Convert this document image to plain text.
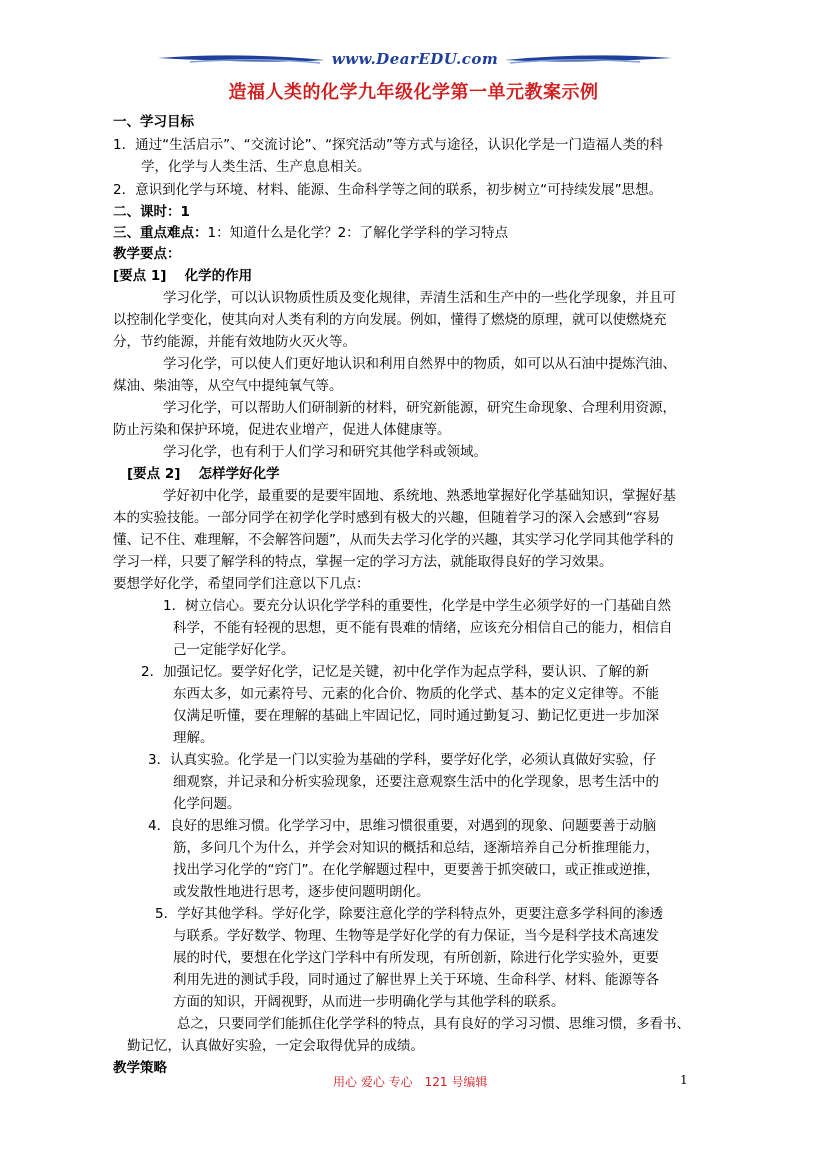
www.DearEDU.com
造福人类的化学九年级化学第一单元教案示例
一、学习目标
1．通过“生活启示”、“交流讨论”、“探究活动”等方式与途径，认识化学是一门造福人类的科
学，化学与人类生活、生产息息相关。
2．意识到化学与环境、材料、能源、生命科学等之间的联系，初步树立“可持续发展”思想。
二、课时：1
三、重点难点：1：知道什么是化学？2：了解化学学科的学习特点
教学要点：
[要点 1]　 化学的作用
学习化学，可以认识物质性质及变化规律，弄清生活和生产中的一些化学现象，并且可
以控制化学变化，使其向对人类有利的方向发展。例如，懂得了燃烧的原理，就可以使燃烧充
分，节约能源，并能有效地防火灭火等。
学习化学，可以使人们更好地认识和利用自然界中的物质，如可以从石油中提炼汽油、
煤油、柴油等，从空气中提纯氧气等。
学习化学，可以帮助人们研制新的材料，研究新能源，研究生命现象、合理利用资源，
防止污染和保护环境，促进农业增产，促进人体健康等。
学习化学，也有利于人们学习和研究其他学科或领域。
[要点 2]　 怎样学好化学
学好初中化学，最重要的是要牢固地、系统地、熟悉地掌握好化学基础知识，掌握好基
本的实验技能。一部分同学在初学化学时感到有极大的兴趣，但随着学习的深入会感到“容易
懂、记不住、难理解，不会解答问题”，从而失去学习化学的兴趣，其实学习化学同其他学科的
学习一样，只要了解学科的特点，掌握一定的学习方法，就能取得良好的学习效果。
要想学好化学，希望同学们注意以下几点：
1．树立信心。要充分认识化学学科的重要性，化学是中学生必须学好的一门基础自然
科学，不能有轻视的思想，更不能有畏难的情绪，应该充分相信自己的能力，相信自
己一定能学好化学。
2．加强记忆。要学好化学，记忆是关键，初中化学作为起点学科，要认识、了解的新
东西太多，如元素符号、元素的化合价、物质的化学式、基本的定义定律等。不能
仅满足听懂，要在理解的基础上牢固记忆，同时通过勤复习、勤记忆更进一步加深
理解。
3．认真实验。化学是一门以实验为基础的学科，要学好化学，必须认真做好实验，仔
细观察，并记录和分析实验现象，还要注意观察生活中的化学现象，思考生活中的
化学问题。
4．良好的思维习惯。化学学习中，思维习惯很重要，对遇到的现象、问题要善于动脑
筋，多问几个为什么，并学会对知识的概括和总结，逐渐培养自己分析推理能力，
找出学习化学的“窍门”。在化学解题过程中，更要善于抓突破口，或正推或逆推，
或发散性地进行思考，逐步使问题明朗化。
5．学好其他学科。学好化学，除要注意化学的学科特点外，更要注意多学科间的渗透
与联系。学好数学、物理、生物等是学好化学的有力保证，当今是科学技术高速发
展的时代，要想在化学这门学科中有所发现，有所创新，除进行化学实验外，更要
利用先进的测试手段，同时通过了解世界上关于环境、生命科学、材料、能源等各
方面的知识，开阔视野，从而进一步明确化学与其他学科的联系。
总之，只要同学们能抓住化学学科的特点，具有良好的学习习惯、思维习惯，多看书、
勤记忆，认真做好实验，一定会取得优异的成绩。
教学策略
用心 爱心 专心　121 号编辑	1
